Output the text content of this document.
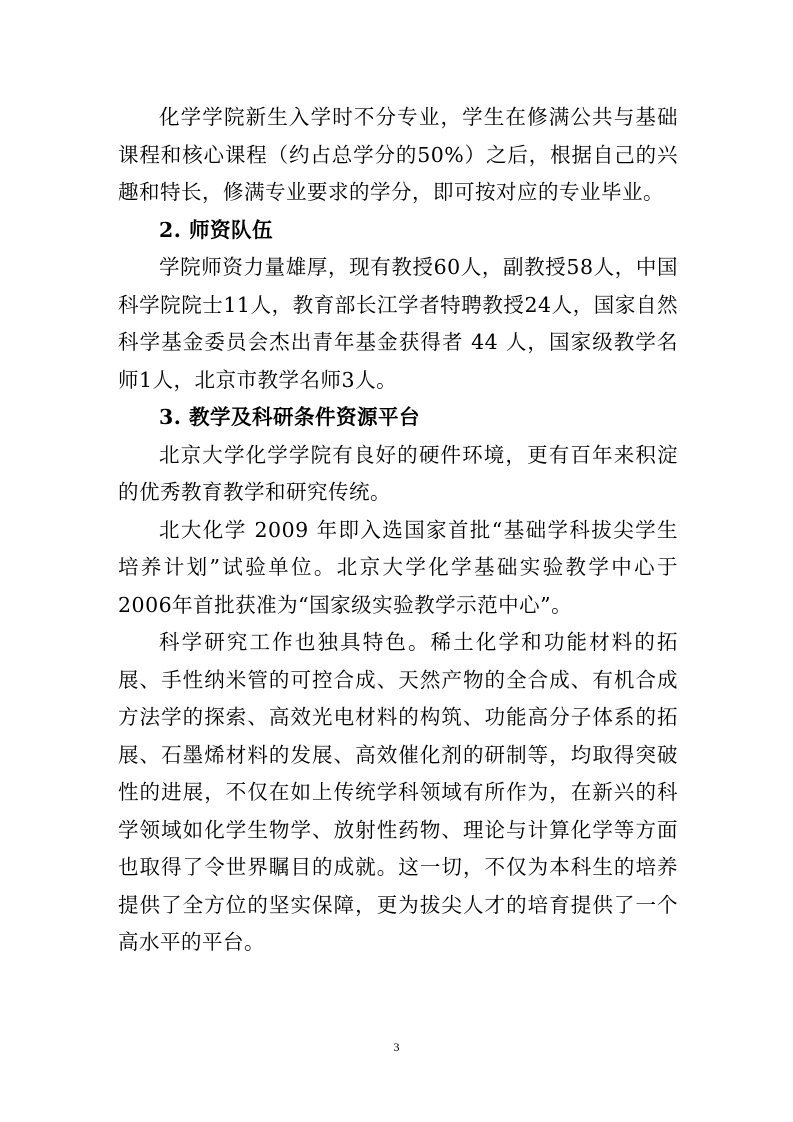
化学学院新生入学时不分专业，学生在修满公共与基础课程和核心课程（约占总学分的50%）之后，根据自己的兴趣和特长，修满专业要求的学分，即可按对应的专业毕业。

2. 师资队伍

学院师资力量雄厚，现有教授60人，副教授58人，中国科学院院士11人，教育部长江学者特聘教授24人，国家自然科学基金委员会杰出青年基金获得者 44 人，国家级教学名师1人，北京市教学名师3人。

3. 教学及科研条件资源平台

北京大学化学学院有良好的硬件环境，更有百年来积淀的优秀教育教学和研究传统。

北大化学 2009 年即入选国家首批“基础学科拔尖学生培养计划”试验单位。北京大学化学基础实验教学中心于2006年首批获准为“国家级实验教学示范中心”。

科学研究工作也独具特色。稀土化学和功能材料的拓展、手性纳米管的可控合成、天然产物的全合成、有机合成方法学的探索、高效光电材料的构筑、功能高分子体系的拓展、石墨烯材料的发展、高效催化剂的研制等，均取得突破性的进展，不仅在如上传统学科领域有所作为，在新兴的科学领域如化学生物学、放射性药物、理论与计算化学等方面也取得了令世界瞩目的成就。这一切，不仅为本科生的培养提供了全方位的坚实保障，更为拔尖人才的培育提供了一个高水平的平台。

3
